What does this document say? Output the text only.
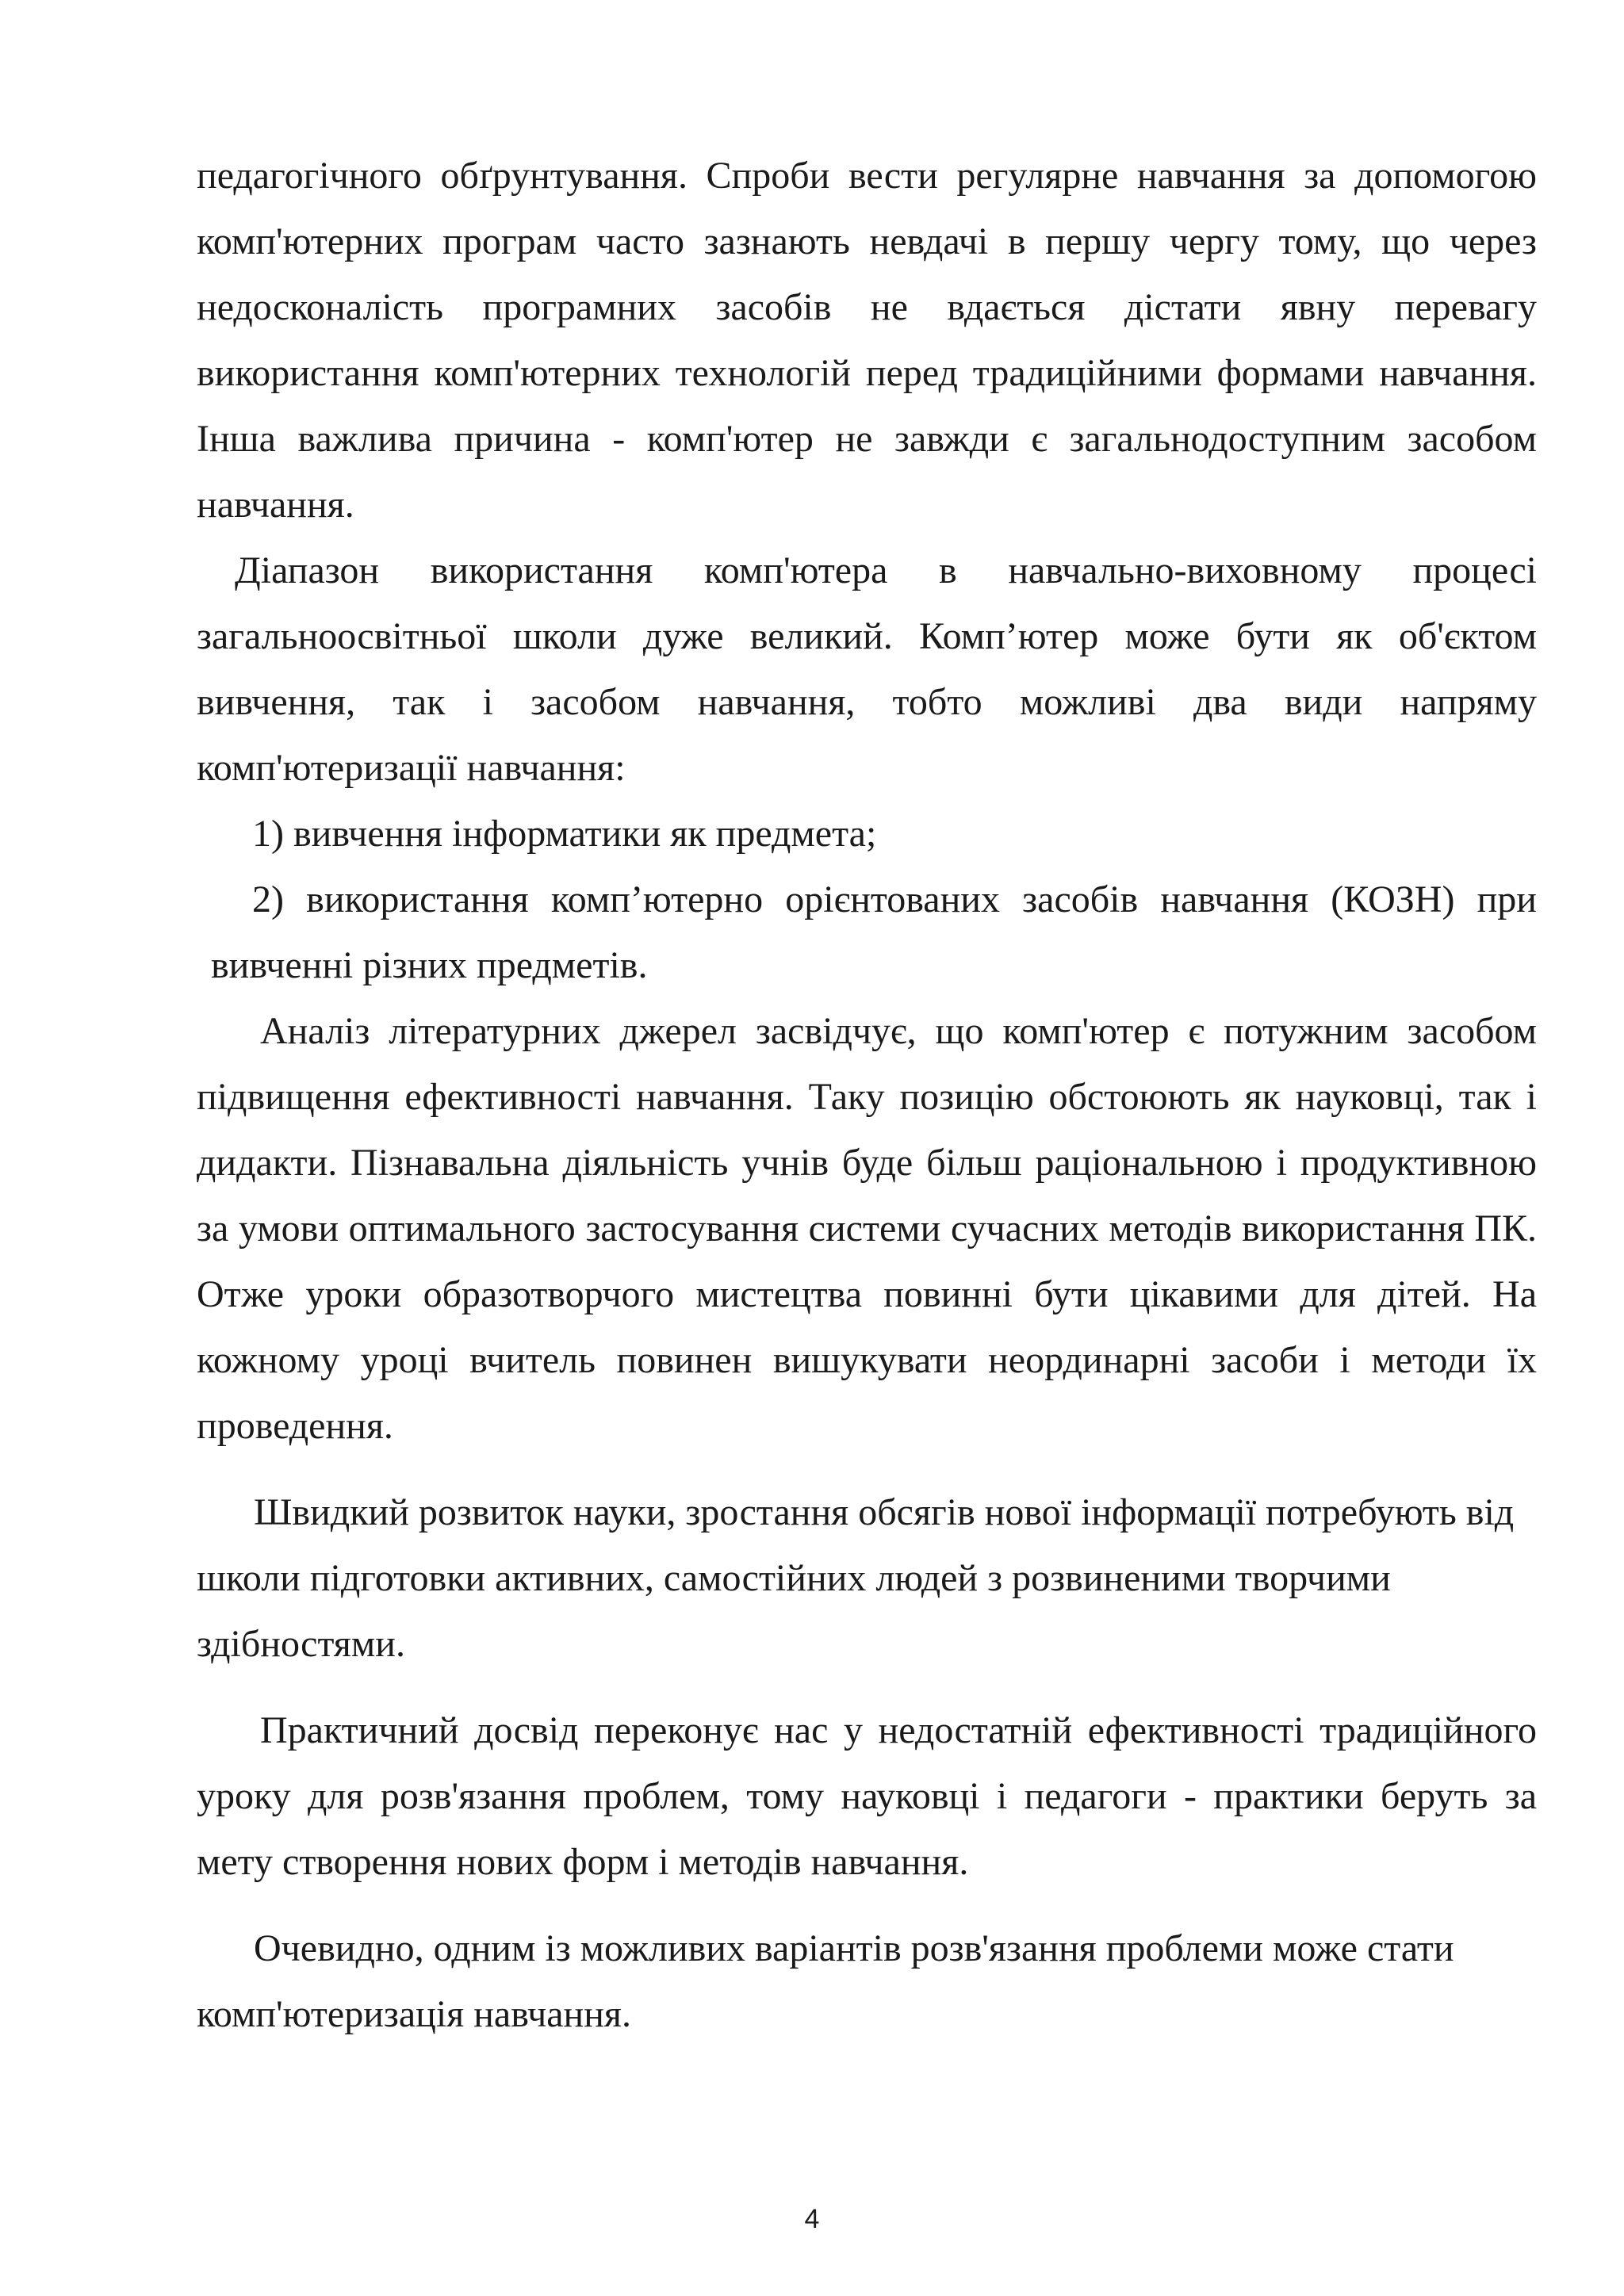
педагогічного обґрунтування. Спроби вести регулярне навчання за допомогою комп'ютерних програм часто зазнають невдачі в першу чергу тому, що через недосконалість програмних засобів не вдається дістати явну перевагу використання комп'ютерних технологій перед традиційними формами навчання. Інша важлива причина - комп'ютер не завжди є загальнодоступним засобом навчання.

Діапазон використання комп'ютера в навчально-виховному процесі загальноосвітньої школи дуже великий. Комп’ютер може бути як об'єктом вивчення, так і засобом навчання, тобто можливі два види напряму комп'ютеризації навчання:

1) вивчення інформатики як предмета;

2) використання комп’ютерно орієнтованих засобів навчання (КОЗН) при вивченні різних предметів.

Аналіз літературних джерел засвідчує, що комп'ютер є потужним засобом підвищення ефективності навчання. Таку позицію обстоюють як науковці, так і дидакти. Пізнавальна діяльність учнів буде більш раціональною і продуктивною за умови оптимального застосування системи сучасних методів використання ПК. Отже уроки образотворчого мистецтва повинні бути цікавими для дітей. На кожному уроці вчитель повинен вишукувати неординарні засоби і методи їх проведення.

Швидкий розвиток науки, зростання обсягів нової інформації потребують від школи підготовки активних, самостійних людей з розвиненими творчими здібностями.

Практичний досвід переконує нас у недостатній ефективності традиційного уроку для розв'язання проблем, тому науковці і педагоги - практики беруть за мету створення нових форм і методів навчання.

Очевидно, одним із можливих варіантів розв'язання проблеми може стати комп'ютеризація навчання.

4
